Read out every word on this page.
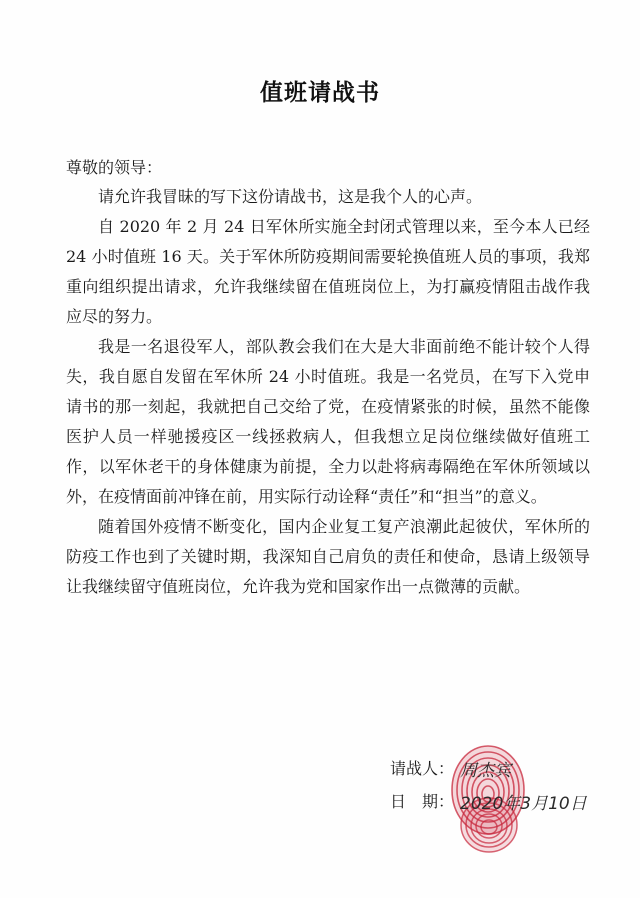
值班请战书
尊敬的领导：

请允许我冒昧的写下这份请战书，这是我个人的心声。

自 2020 年 2 月 24 日军休所实施全封闭式管理以来，至今本人已经 24 小时值班 16 天。关于军休所防疫期间需要轮换值班人员的事项，我郑重向组织提出请求，允许我继续留在值班岗位上，为打赢疫情阻击战作我应尽的努力。

我是一名退役军人，部队教会我们在大是大非面前绝不能计较个人得失，我自愿自发留在军休所 24 小时值班。我是一名党员，在写下入党申请书的那一刻起，我就把自己交给了党，在疫情紧张的时候，虽然不能像医护人员一样驰援疫区一线拯救病人，但我想立足岗位继续做好值班工作，以军休老干的身体健康为前提，全力以赴将病毒隔绝在军休所领域以外，在疫情面前冲锋在前，用实际行动诠释“责任”和“担当”的意义。

随着国外疫情不断变化，国内企业复工复产浪潮此起彼伏，军休所的防疫工作也到了关键时期，我深知自己肩负的责任和使命，恳请上级领导让我继续留守值班岗位，允许我为党和国家作出一点微薄的贡献。

请战人： 周杰宾
日　期： 2020年3月10日
